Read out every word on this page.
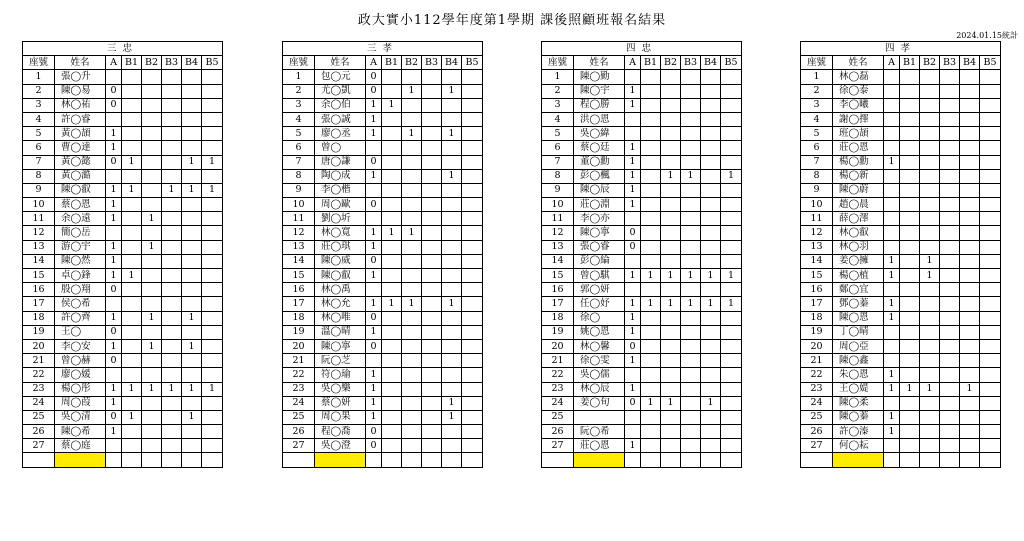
政大實小112學年度第1學期 課後照顧班報名結果
2024.01.15統計
三忠							
座號	姓名	A	B1	B2	B3	B4	B5
1	張◯升						
2	陳◯易	0					
3	林◯祐	0					
4	許◯睿						
5	黃◯頡	1					
6	曹◯達	1					
7	黃◯懿	0	1			1	1
8	黃◯澔						
9	陳◯叡	1	1		1	1	1
10	蔡◯恩	1					
11	余◯遠	1		1			
12	簡◯岳						
13	游◯宇	1		1			
14	陳◯然	1					
15	卓◯鋒	1	1				
16	殷◯翔	0					
17	侯◯希						
18	許◯齊	1		1		1	
19	王◯	0					
20	李◯安	1		1		1	
21	曾◯赫	0					
22	廖◯媛						
23	楊◯彤	1	1	1	1	1	1
24	周◯葭	1					
25	吳◯清	0	1			1	
26	陳◯希	1					
27	蔡◯庭						

三孝							
座號	姓名	A	B1	B2	B3	B4	B5
1	包◯元	0					
2	尤◯凱	0		1		1	
3	余◯伯	1	1				
4	張◯誠	1					
5	廖◯丞	1		1		1	
6	曾◯						
7	唐◯謙	0					
8	陶◯成	1				1	
9	李◯楷						
10	周◯歐	0					
11	劉◯圻						
12	林◯寬	1	1	1			
13	莊◯琪	1					
14	陳◯威	0					
15	陳◯叡	1					
16	林◯禹						
17	林◯允	1	1	1		1	
18	林◯唯	0					
19	溫◯晴	1					
20	陳◯寧	0					
21	阮◯芝						
22	符◯瑜	1					
23	吳◯樂	1					
24	蔡◯妍	1				1	
25	周◯果	1				1	
26	程◯喬	0					
27	吳◯澄	0					

四忠							
座號	姓名	A	B1	B2	B3	B4	B5
1	陳◯勤						
2	陳◯宇	1					
3	程◯勝	1					
4	洪◯恩						
5	吳◯緯						
6	蔡◯廷	1					
7	董◯勳	1					
8	彭◯楓	1		1	1		1
9	陳◯辰	1					
10	莊◯淵	1					
11	李◯亦						
12	陳◯寧	0					
13	張◯睿	0					
14	彭◯綸						
15	曾◯騏	1	1	1	1	1	1
16	郭◯妍						
17	任◯妤	1	1	1	1	1	1
18	徐◯	1					
19	姚◯恩	1					
20	林◯馨	0					
21	徐◯雯	1					
22	吳◯儒						
23	林◯辰	1					
24	姜◯旬	0	1	1		1	
25							
26	阮◯希						
27	莊◯恩	1					

四孝							
座號	姓名	A	B1	B2	B3	B4	B5
1	林◯磊						
2	徐◯泰						
3	李◯曦						
4	謝◯擇						
5	班◯頡						
6	莊◯恩						
7	楊◯勳	1					
8	楊◯新						
9	陳◯蔚						
10	趙◯晨						
11	薛◯澤						
12	林◯叡						
13	林◯羽						
14	姜◯擁	1		1			
15	楊◯植	1		1			
16	鄭◯宜						
17	鄧◯蓁	1					
18	陳◯恩	1					
19	丁◯晴						
20	周◯亞						
21	陳◯鑫						
22	朱◯恩	1					
23	王◯媞	1	1	1		1	
24	陳◯柔						
25	陳◯蓁	1					
26	許◯溱	1					
27	何◯耘						
